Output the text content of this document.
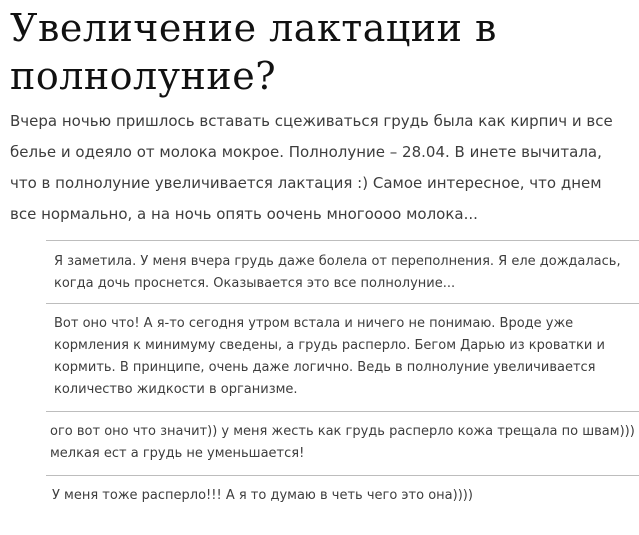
Увеличение лактации в полнолуние?

Вчера ночью пришлось вставать сцеживаться грудь была как кирпич и все белье и одеяло от молока мокрое. Полнолуние – 28.04. В инете вычитала, что в полнолуние увеличивается лактация :) Самое интересное, что днем все нормально, а на ночь опять оочень многоооо молока...

Я заметила. У меня вчера грудь даже болела от переполнения. Я еле дождалась, когда дочь проснется. Оказывается это все полнолуние...

Вот оно что! А я-то сегодня утром встала и ничего не понимаю. Вроде уже кормления к минимуму сведены, а грудь расперло. Бегом Дарью из кроватки и кормить. В принципе, очень даже логично. Ведь в полнолуние увеличивается количество жидкости в организме.

ого вот оно что значит)) у меня жесть как грудь расперло кожа трещала по швам))) мелкая ест а грудь не уменьшается!

У меня тоже расперло!!! А я то думаю в четь чего это она))))
